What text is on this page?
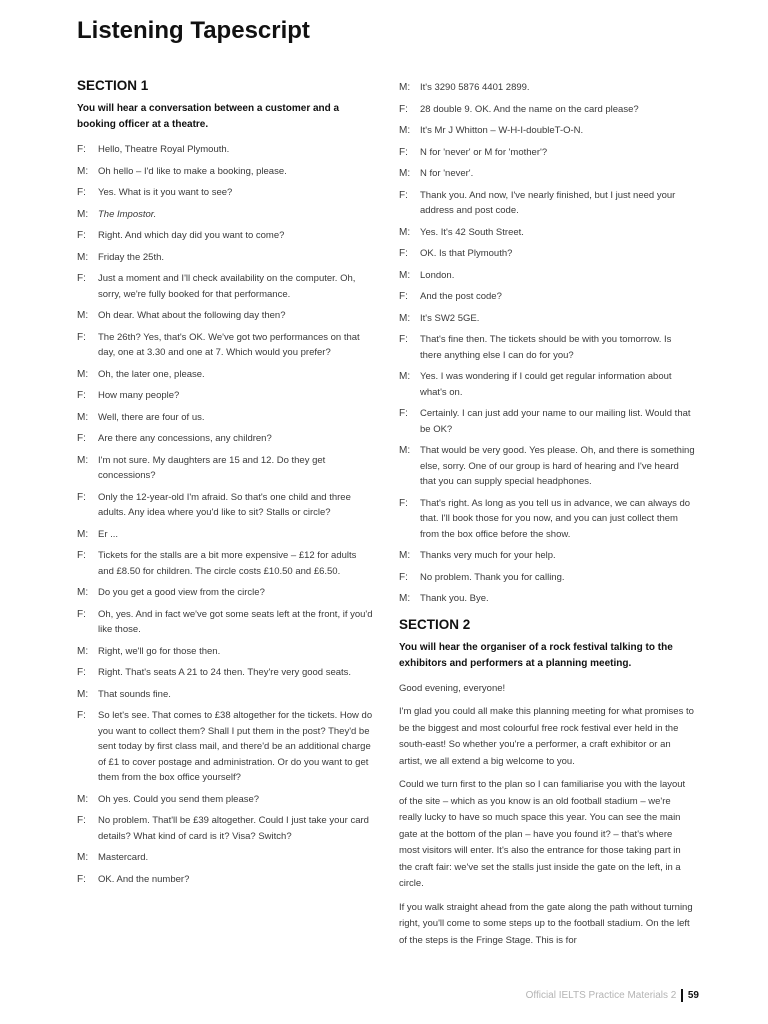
Listening Tapescript
SECTION 1

You will hear a conversation between a customer and a booking officer at a theatre.

F:	Hello, Theatre Royal Plymouth.
M:	Oh hello – I'd like to make a booking, please.
F:	Yes. What is it you want to see?
M:	The Impostor.
F:	Right. And which day did you want to come?
M:	Friday the 25th.
F:	Just a moment and I'll check availability on the computer. Oh, sorry, we're fully booked for that performance.
M:	Oh dear. What about the following day then?
F:	The 26th? Yes, that's OK. We've got two performances on that day, one at 3.30 and one at 7. Which would you prefer?
M:	Oh, the later one, please.
F:	How many people?
M:	Well, there are four of us.
F:	Are there any concessions, any children?
M:	I'm not sure. My daughters are 15 and 12. Do they get concessions?
F:	Only the 12-year-old I'm afraid. So that's one child and three adults. Any idea where you'd like to sit? Stalls or circle?
M:	Er ...
F:	Tickets for the stalls are a bit more expensive – £12 for adults and £8.50 for children. The circle costs £10.50 and £6.50.
M:	Do you get a good view from the circle?
F:	Oh, yes. And in fact we've got some seats left at the front, if you'd like those.
M:	Right, we'll go for those then.
F:	Right. That's seats A 21 to 24 then. They're very good seats.
M:	That sounds fine.
F:	So let's see. That comes to £38 altogether for the tickets. How do you want to collect them? Shall I put them in the post? They'd be sent today by first class mail, and there'd be an additional charge of £1 to cover postage and administration. Or do you want to get them from the box office yourself?
M:	Oh yes. Could you send them please?
F:	No problem. That'll be £39 altogether. Could I just take your card details? What kind of card is it? Visa? Switch?
M:	Mastercard.
F:	OK. And the number?
M:	It's 3290 5876 4401 2899.
F:	28 double 9. OK. And the name on the card please?
M:	It's Mr J Whitton – W-H-I-doubleT-O-N.
F:	N for 'never' or M for 'mother'?
M:	N for 'never'.
F:	Thank you. And now, I've nearly finished, but I just need your address and post code.
M:	Yes. It's 42 South Street.
F:	OK. Is that Plymouth?
M:	London.
F:	And the post code?
M:	It's SW2 5GE.
F:	That's fine then. The tickets should be with you tomorrow. Is there anything else I can do for you?
M:	Yes. I was wondering if I could get regular information about what's on.
F:	Certainly. I can just add your name to our mailing list. Would that be OK?
M:	That would be very good. Yes please. Oh, and there is something else, sorry. One of our group is hard of hearing and I've heard that you can supply special headphones.
F:	That's right. As long as you tell us in advance, we can always do that. I'll book those for you now, and you can just collect them from the box office before the show.
M:	Thanks very much for your help.
F:	No problem. Thank you for calling.
M:	Thank you. Bye.
SECTION 2

You will hear the organiser of a rock festival talking to the exhibitors and performers at a planning meeting.

Good evening, everyone!

I'm glad you could all make this planning meeting for what promises to be the biggest and most colourful free rock festival ever held in the south-east! So whether you're a performer, a craft exhibitor or an artist, we all extend a big welcome to you.

Could we turn first to the plan so I can familiarise you with the layout of the site – which as you know is an old football stadium – we're really lucky to have so much space this year. You can see the main gate at the bottom of the plan – have you found it? – that's where most visitors will enter. It's also the entrance for those taking part in the craft fair: we've set the stalls just inside the gate on the left, in a circle.

If you walk straight ahead from the gate along the path without turning right, you'll come to some steps up to the football stadium. On the left of the steps is the Fringe Stage. This is for

Official IELTS Practice Materials 2 59
